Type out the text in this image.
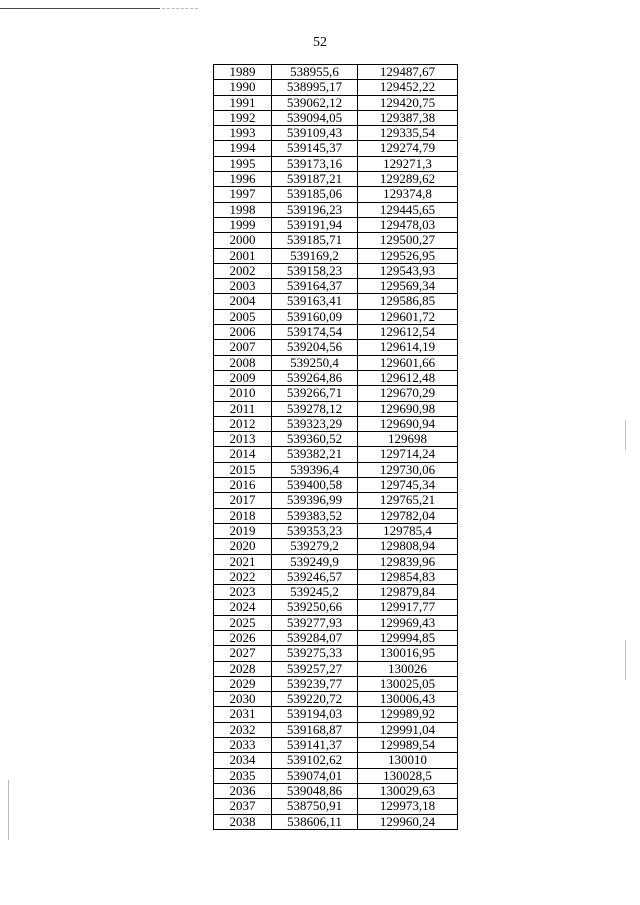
52
1989	538955,6	129487,67
1990	538995,17	129452,22
1991	539062,12	129420,75
1992	539094,05	129387,38
1993	539109,43	129335,54
1994	539145,37	129274,79
1995	539173,16	129271,3
1996	539187,21	129289,62
1997	539185,06	129374,8
1998	539196,23	129445,65
1999	539191,94	129478,03
2000	539185,71	129500,27
2001	539169,2	129526,95
2002	539158,23	129543,93
2003	539164,37	129569,34
2004	539163,41	129586,85
2005	539160,09	129601,72
2006	539174,54	129612,54
2007	539204,56	129614,19
2008	539250,4	129601,66
2009	539264,86	129612,48
2010	539266,71	129670,29
2011	539278,12	129690,98
2012	539323,29	129690,94
2013	539360,52	129698
2014	539382,21	129714,24
2015	539396,4	129730,06
2016	539400,58	129745,34
2017	539396,99	129765,21
2018	539383,52	129782,04
2019	539353,23	129785,4
2020	539279,2	129808,94
2021	539249,9	129839,96
2022	539246,57	129854,83
2023	539245,2	129879,84
2024	539250,66	129917,77
2025	539277,93	129969,43
2026	539284,07	129994,85
2027	539275,33	130016,95
2028	539257,27	130026
2029	539239,77	130025,05
2030	539220,72	130006,43
2031	539194,03	129989,92
2032	539168,87	129991,04
2033	539141,37	129989,54
2034	539102,62	130010
2035	539074,01	130028,5
2036	539048,86	130029,63
2037	538750,91	129973,18
2038	538606,11	129960,24
